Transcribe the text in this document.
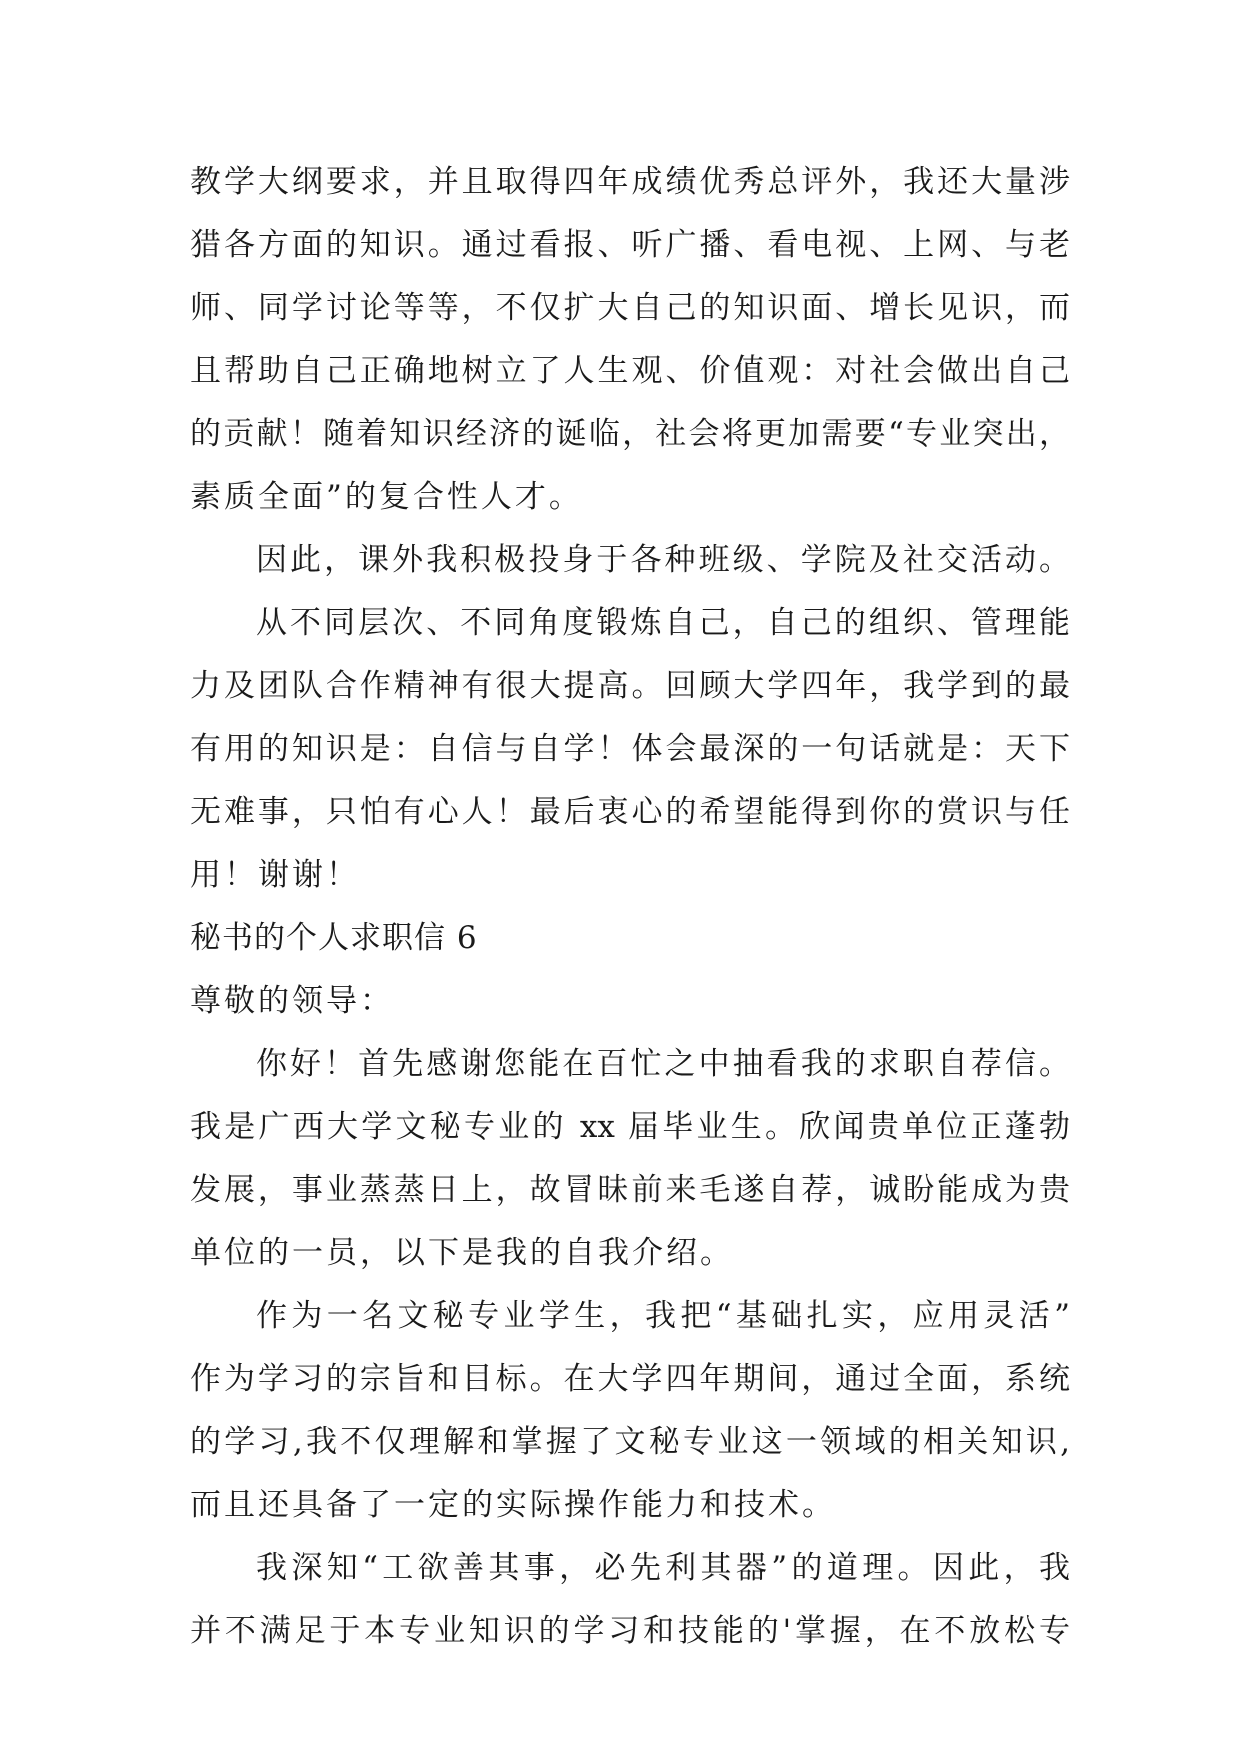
教学大纲要求，并且取得四年成绩优秀总评外，我还大量涉
猎各方面的知识。通过看报、听广播、看电视、上网、与老
师、同学讨论等等，不仅扩大自己的知识面、增长见识，而
且帮助自己正确地树立了人生观、价值观：对社会做出自己
的贡献！随着知识经济的诞临，社会将更加需要“专业突出，
素质全面”的复合性人才。
因此，课外我积极投身于各种班级、学院及社交活动。
从不同层次、不同角度锻炼自己，自己的组织、管理能
力及团队合作精神有很大提高。回顾大学四年，我学到的最
有用的知识是：自信与自学！体会最深的一句话就是：天下
无难事，只怕有心人！最后衷心的希望能得到你的赏识与任
用！谢谢！
秘书的个人求职信 6
尊敬的领导：
你好！首先感谢您能在百忙之中抽看我的求职自荐信。
我是广西大学文秘专业的 xx 届毕业生。欣闻贵单位正蓬勃
发展，事业蒸蒸日上，故冒昧前来毛遂自荐，诚盼能成为贵
单位的一员，以下是我的自我介绍。
作为一名文秘专业学生，我把“基础扎实，应用灵活”
作为学习的宗旨和目标。在大学四年期间，通过全面，系统
的学习,我不仅理解和掌握了文秘专业这一领域的相关知识,
而且还具备了一定的实际操作能力和技术。
我深知“工欲善其事，必先利其器”的道理。因此，我
并不满足于本专业知识的学习和技能的'掌握，在不放松专
